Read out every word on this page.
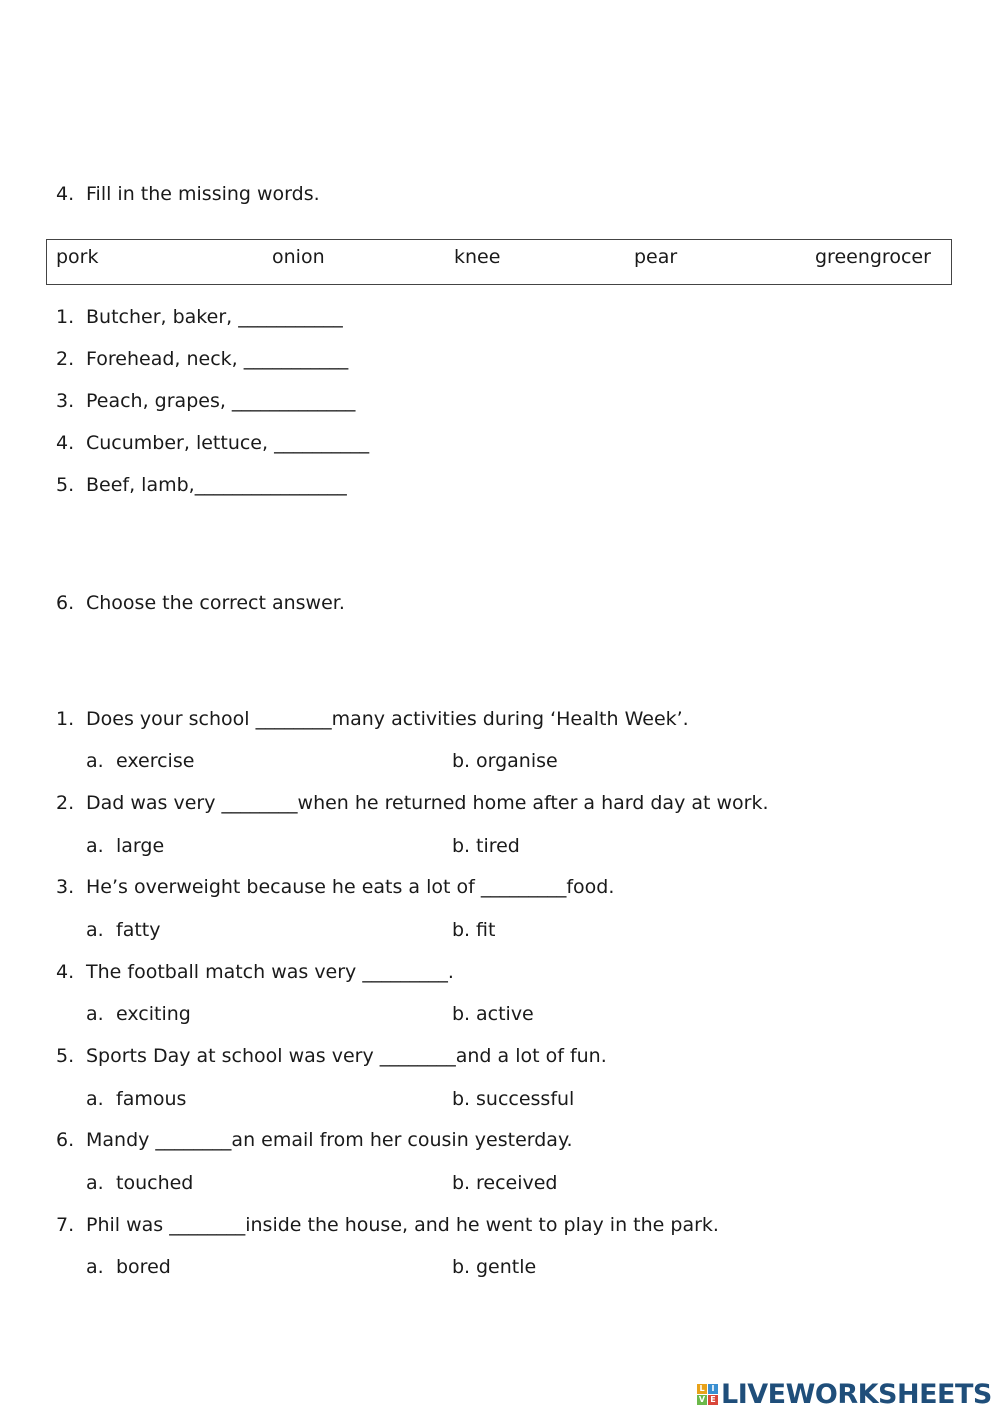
4. Fill in the missing words.
pork	onion	knee	pear	greengrocer
1. Butcher, baker, ___________
2. Forehead, neck, ___________
3. Peach, grapes, _____________
4. Cucumber, lettuce, __________
5. Beef, lamb,________________
6. Choose the correct answer.
1. Does your school ________many activities during ‘Health Week’.
a. exercise	b. organise
2. Dad was very ________when he returned home after a hard day at work.
a. large	b. tired
3. He’s overweight because he eats a lot of _________food.
a. fatty	b. fit
4. The football match was very _________.
a. exciting	b. active
5. Sports Day at school was very ________and a lot of fun.
a. famous	b. successful
6. Mandy ________an email from her cousin yesterday.
a. touched	b. received
7. Phil was ________inside the house, and he went to play in the park.
a. bored	b. gentle
L I
V E LIVEWORKSHEETS
